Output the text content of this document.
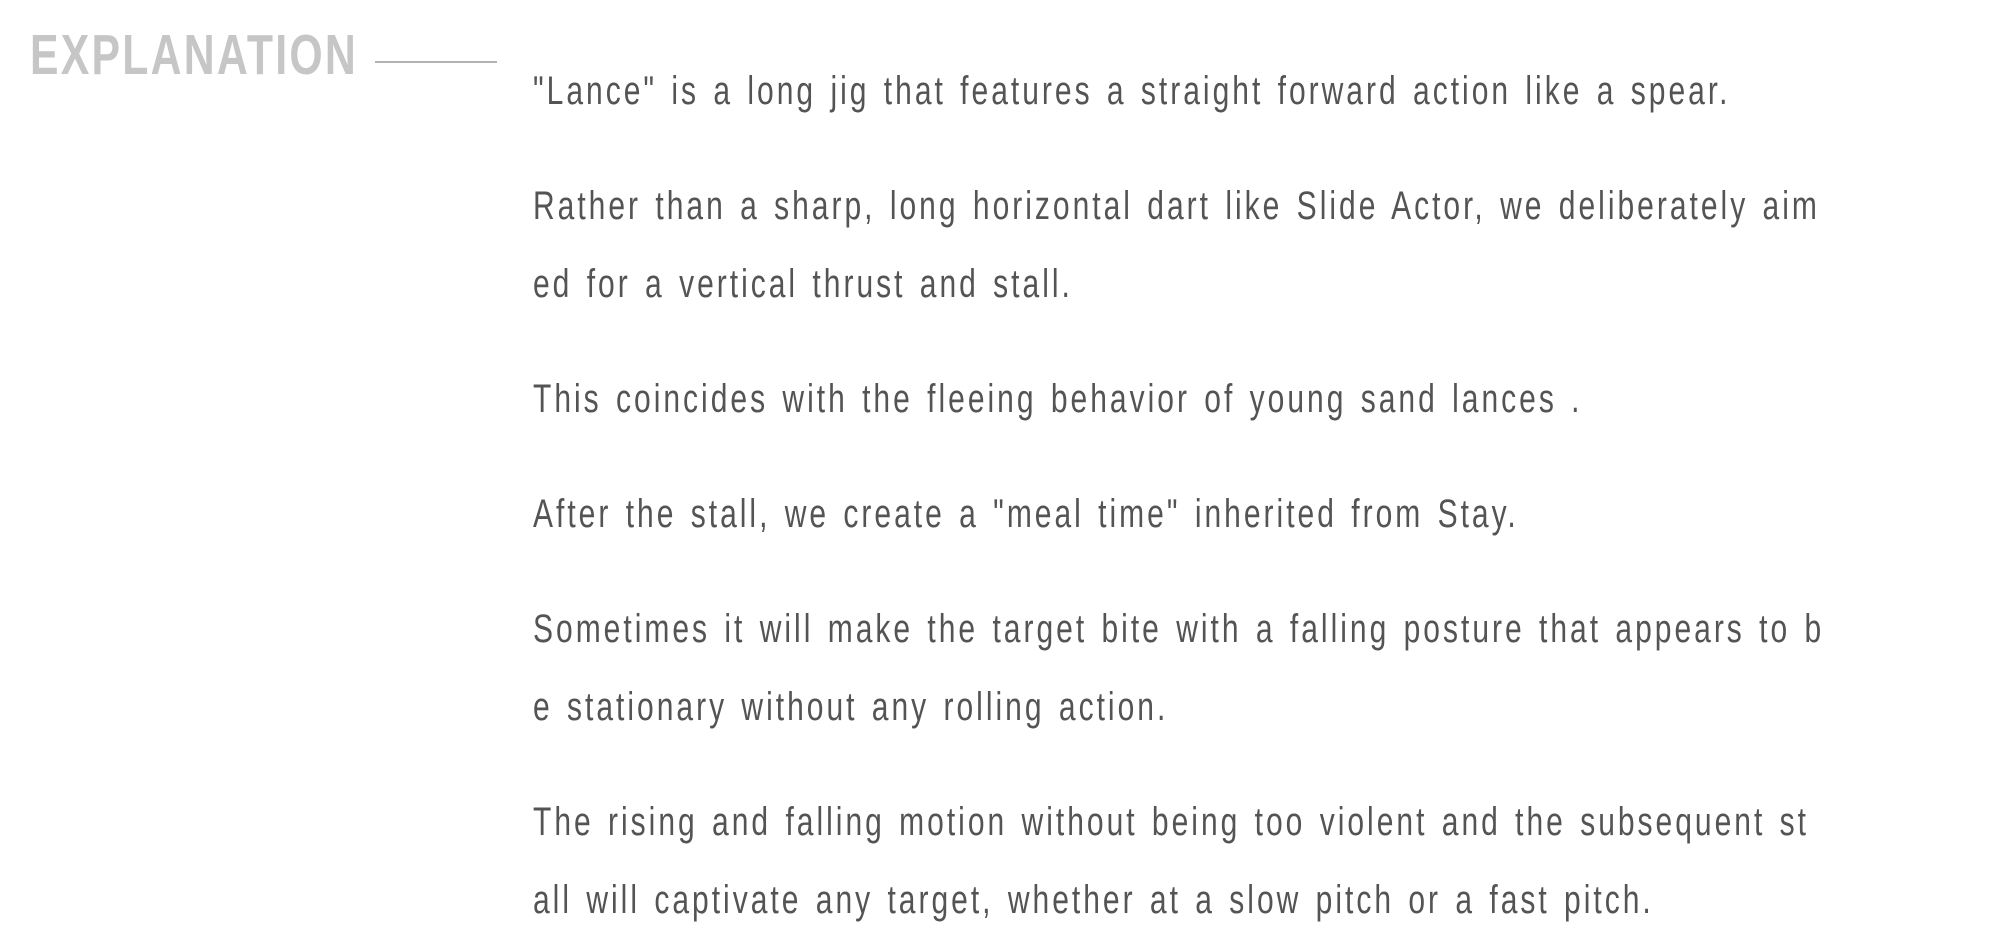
EXPLANATION

"Lance" is a long jig that features a straight forward action like a spear.

Rather than a sharp, long horizontal dart like Slide Actor, we deliberately aim
ed for a vertical thrust and stall.

This coincides with the fleeing behavior of young sand lances .

After the stall, we create a "meal time" inherited from Stay.

Sometimes it will make the target bite with a falling posture that appears to b
e stationary without any rolling action.

The rising and falling motion without being too violent and the subsequent st
all will captivate any target, whether at a slow pitch or a fast pitch.
